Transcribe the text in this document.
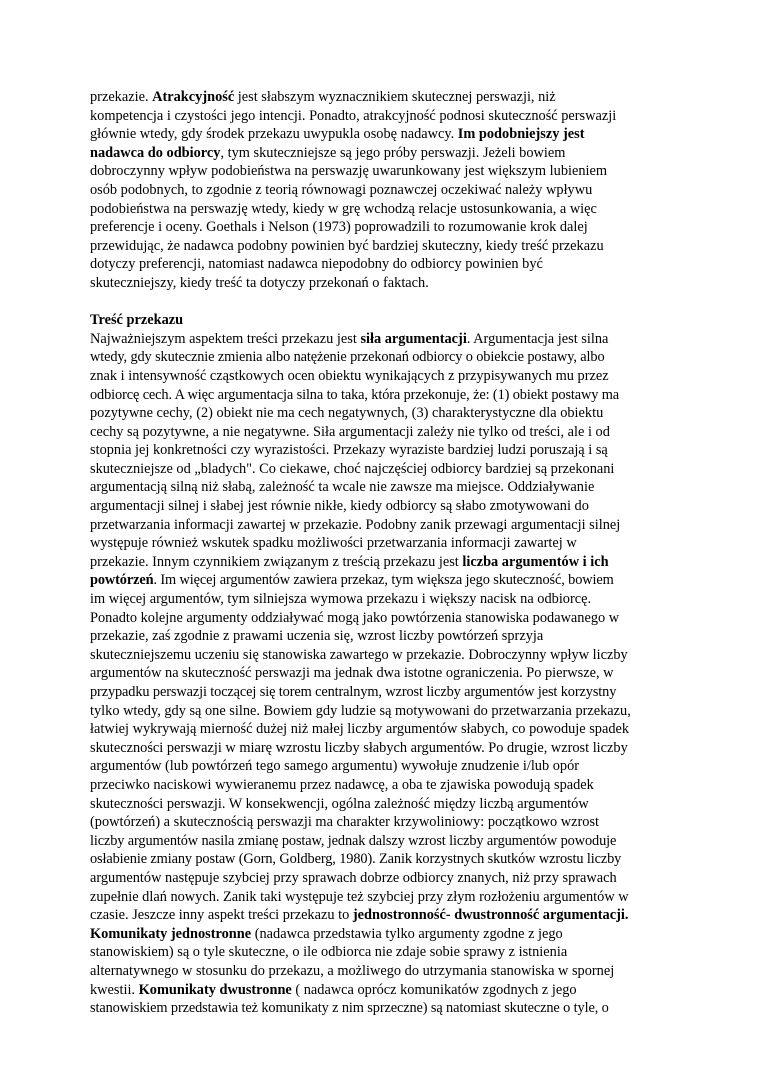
przekazie. Atrakcyjność jest słabszym wyznacznikiem skutecznej perswazji, niż
kompetencja i czystości jego intencji. Ponadto, atrakcyjność podnosi skuteczność perswazji
głównie wtedy, gdy środek przekazu uwypukla osobę nadawcy. Im podobniejszy jest
nadawca do odbiorcy, tym skuteczniejsze są jego próby perswazji. Jeżeli bowiem
dobroczynny wpływ podobieństwa na perswazję uwarunkowany jest większym lubieniem
osób podobnych, to zgodnie z teorią równowagi poznawczej oczekiwać należy wpływu
podobieństwa na perswazję wtedy, kiedy w grę wchodzą relacje ustosunkowania, a więc
preferencje i oceny. Goethals i Nelson (1973) poprowadzili to rozumowanie krok dalej
przewidując, że nadawca podobny powinien być bardziej skuteczny, kiedy treść przekazu
dotyczy preferencji, natomiast nadawca niepodobny do odbiorcy powinien być
skuteczniejszy, kiedy treść ta dotyczy przekonań o faktach.
Treść przekazu
Najważniejszym aspektem treści przekazu jest siła argumentacji. Argumentacja jest silna
wtedy, gdy skutecznie zmienia albo natężenie przekonań odbiorcy o obiekcie postawy, albo
znak i intensywność cząstkowych ocen obiektu wynikających z przypisywanych mu przez
odbiorcę cech. A więc argumentacja silna to taka, która przekonuje, że: (1) obiekt postawy ma
pozytywne cechy, (2) obiekt nie ma cech negatywnych, (3) charakterystyczne dla obiektu
cechy są pozytywne, a nie negatywne. Siła argumentacji zależy nie tylko od treści, ale i od
stopnia jej konkretności czy wyrazistości. Przekazy wyraziste bardziej ludzi poruszają i są
skuteczniejsze od „bladych". Co ciekawe, choć najczęściej odbiorcy bardziej są przekonani
argumentacją silną niż słabą, zależność ta wcale nie zawsze ma miejsce. Oddziaływanie
argumentacji silnej i słabej jest równie nikłe, kiedy odbiorcy są słabo zmotywowani do
przetwarzania informacji zawartej w przekazie. Podobny zanik przewagi argumentacji silnej
występuje również wskutek spadku możliwości przetwarzania informacji zawartej w
przekazie. Innym czynnikiem związanym z treścią przekazu jest liczba argumentów i ich
powtórzeń. Im więcej argumentów zawiera przekaz, tym większa jego skuteczność, bowiem
im więcej argumentów, tym silniejsza wymowa przekazu i większy nacisk na odbiorcę.
Ponadto kolejne argumenty oddziaływać mogą jako powtórzenia stanowiska podawanego w
przekazie, zaś zgodnie z prawami uczenia się, wzrost liczby powtórzeń sprzyja
skuteczniejszemu uczeniu się stanowiska zawartego w przekazie. Dobroczynny wpływ liczby
argumentów na skuteczność perswazji ma jednak dwa istotne ograniczenia. Po pierwsze, w
przypadku perswazji toczącej się torem centralnym, wzrost liczby argumentów jest korzystny
tylko wtedy, gdy są one silne. Bowiem gdy ludzie są motywowani do przetwarzania przekazu,
łatwiej wykrywają mierność dużej niż małej liczby argumentów słabych, co powoduje spadek
skuteczności perswazji w miarę wzrostu liczby słabych argumentów. Po drugie, wzrost liczby
argumentów (lub powtórzeń tego samego argumentu) wywołuje znudzenie i/lub opór
przeciwko naciskowi wywieranemu przez nadawcę, a oba te zjawiska powodują spadek
skuteczności perswazji. W konsekwencji, ogólna zależność między liczbą argumentów
(powtórzeń) a skutecznością perswazji ma charakter krzywoliniowy: początkowo wzrost
liczby argumentów nasila zmianę postaw, jednak dalszy wzrost liczby argumentów powoduje
osłabienie zmiany postaw (Gorn, Goldberg, 1980). Zanik korzystnych skutków wzrostu liczby
argumentów następuje szybciej przy sprawach dobrze odbiorcy znanych, niż przy sprawach
zupełnie dlań nowych. Zanik taki występuje też szybciej przy złym rozłożeniu argumentów w
czasie. Jeszcze inny aspekt treści przekazu to jednostronność- dwustronność argumentacji.
Komunikaty jednostronne (nadawca przedstawia tylko argumenty zgodne z jego
stanowiskiem) są o tyle skuteczne, o ile odbiorca nie zdaje sobie sprawy z istnienia
alternatywnego w stosunku do przekazu, a możliwego do utrzymania stanowiska w spornej
kwestii. Komunikaty dwustronne ( nadawca oprócz komunikatów zgodnych z jego
stanowiskiem przedstawia też komunikaty z nim sprzeczne) są natomiast skuteczne o tyle, o
